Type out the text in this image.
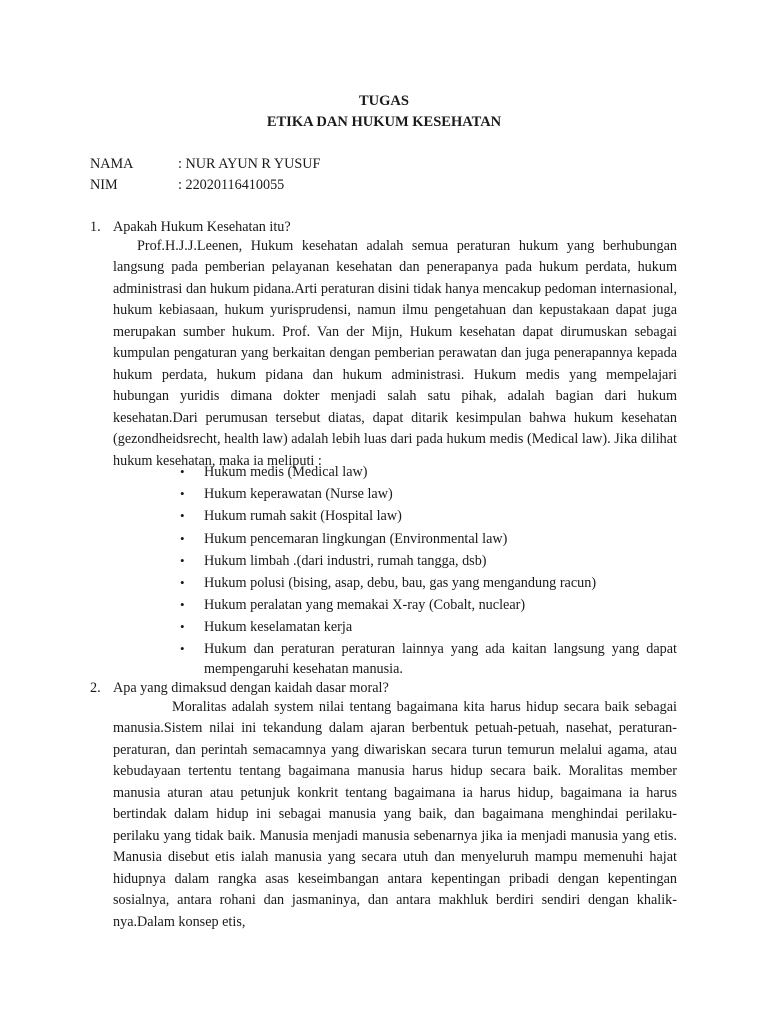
TUGAS
ETIKA DAN HUKUM KESEHATAN
NAMA	: NUR AYUN R YUSUF
NIM	: 22020116410055
1. Apakah Hukum Kesehatan itu?

Prof.H.J.J.Leenen, Hukum kesehatan adalah semua peraturan hukum yang berhubungan langsung pada pemberian pelayanan kesehatan dan penerapanya pada hukum perdata, hukum administrasi dan hukum pidana.Arti peraturan disini tidak hanya mencakup pedoman internasional, hukum kebiasaan, hukum yurisprudensi, namun ilmu pengetahuan dan kepustakaan dapat juga merupakan sumber hukum. Prof. Van der Mijn, Hukum kesehatan dapat dirumuskan sebagai kumpulan pengaturan yang berkaitan dengan pemberian perawatan dan juga penerapannya kepada hukum perdata, hukum pidana dan hukum administrasi. Hukum medis yang mempelajari hubungan yuridis dimana dokter menjadi salah satu pihak, adalah bagian dari hukum kesehatan.Dari perumusan tersebut diatas, dapat ditarik kesimpulan bahwa hukum kesehatan (gezondheidsrecht, health law) adalah lebih luas dari pada hukum medis (Medical law). Jika dilihat hukum kesehatan, maka ia meliputi :

• Hukum medis (Medical law)
• Hukum keperawatan (Nurse law)
• Hukum rumah sakit (Hospital law)
• Hukum pencemaran lingkungan (Environmental law)
• Hukum limbah .(dari industri, rumah tangga, dsb)
• Hukum polusi (bising, asap, debu, bau, gas yang mengandung racun)
• Hukum peralatan yang memakai X-ray (Cobalt, nuclear)
• Hukum keselamatan kerja
• Hukum dan peraturan peraturan lainnya yang ada kaitan langsung yang dapat mempengaruhi kesehatan manusia.
2. Apa yang dimaksud dengan kaidah dasar moral?

Moralitas adalah system nilai tentang bagaimana kita harus hidup secara baik sebagai manusia.Sistem nilai ini tekandung dalam ajaran berbentuk petuah-petuah, nasehat, peraturan-peraturan, dan perintah semacamnya yang diwariskan secara turun temurun melalui agama, atau kebudayaan tertentu tentang bagaimana manusia harus hidup secara baik. Moralitas member manusia aturan atau petunjuk konkrit tentang bagaimana ia harus hidup, bagaimana ia harus bertindak dalam hidup ini sebagai manusia yang baik, dan bagaimana menghindai perilaku-perilaku yang tidak baik. Manusia menjadi manusia sebenarnya jika ia menjadi manusia yang etis. Manusia disebut etis ialah manusia yang secara utuh dan menyeluruh mampu memenuhi hajat hidupnya dalam rangka asas keseimbangan antara kepentingan pribadi dengan kepentingan sosialnya, antara rohani dan jasmaninya, dan antara makhluk berdiri sendiri dengan khalik-nya.Dalam konsep etis,
